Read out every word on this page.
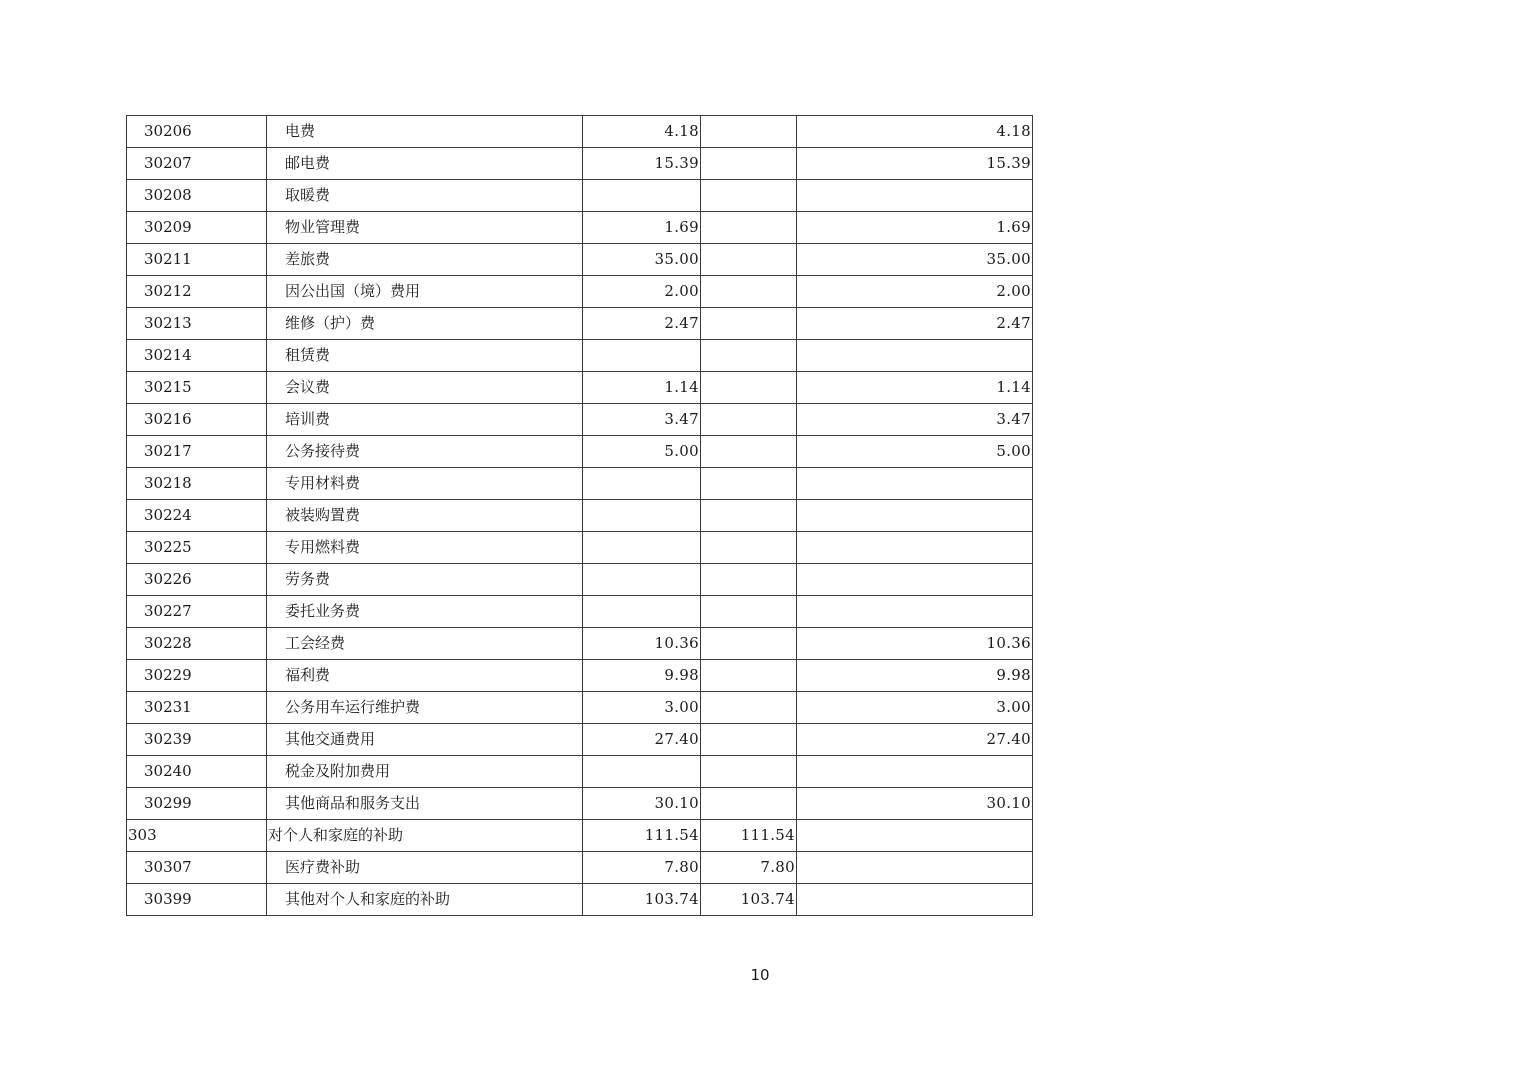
30206	电费	4.18		4.18
30207	邮电费	15.39		15.39
30208	取暖费			
30209	物业管理费	1.69		1.69
30211	差旅费	35.00		35.00
30212	因公出国（境）费用	2.00		2.00
30213	维修（护）费	2.47		2.47
30214	租赁费			
30215	会议费	1.14		1.14
30216	培训费	3.47		3.47
30217	公务接待费	5.00		5.00
30218	专用材料费			
30224	被装购置费			
30225	专用燃料费			
30226	劳务费			
30227	委托业务费			
30228	工会经费	10.36		10.36
30229	福利费	9.98		9.98
30231	公务用车运行维护费	3.00		3.00
30239	其他交通费用	27.40		27.40
30240	税金及附加费用			
30299	其他商品和服务支出	30.10		30.10
303	对个人和家庭的补助	111.54	111.54	
30307	医疗费补助	7.80	7.80	
30399	其他对个人和家庭的补助	103.74	103.74	
10
